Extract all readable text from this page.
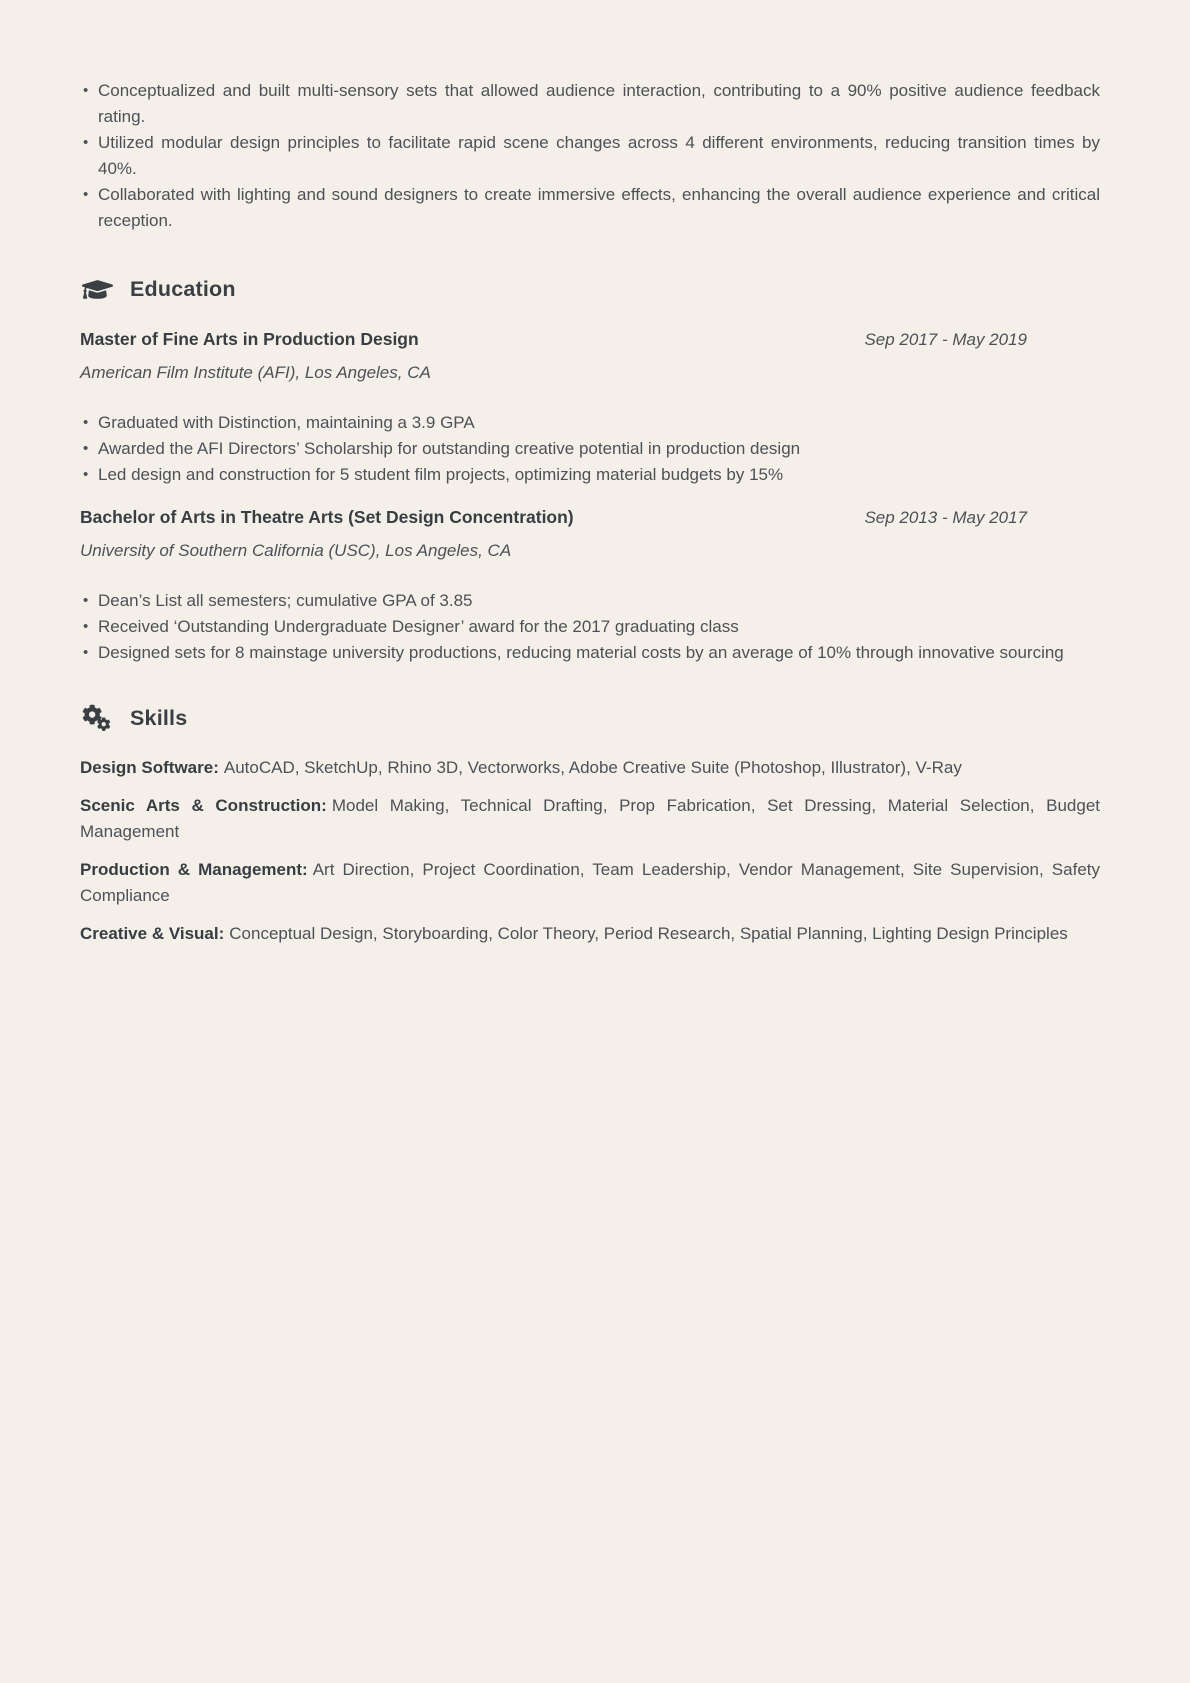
• Conceptualized and built multi-sensory sets that allowed audience interaction, contributing to a 90% positive audience feedback rating.
• Utilized modular design principles to facilitate rapid scene changes across 4 different environments, reducing transition times by 40%.
• Collaborated with lighting and sound designers to create immersive effects, enhancing the overall audience experience and critical reception.
Education
Master of Fine Arts in Production Design	Sep 2017 - May 2019

American Film Institute (AFI), Los Angeles, CA

• Graduated with Distinction, maintaining a 3.9 GPA
• Awarded the AFI Directors’ Scholarship for outstanding creative potential in production design
• Led design and construction for 5 student film projects, optimizing material budgets by 15%
Bachelor of Arts in Theatre Arts (Set Design Concentration)	Sep 2013 - May 2017

University of Southern California (USC), Los Angeles, CA

• Dean’s List all semesters; cumulative GPA of 3.85
• Received ‘Outstanding Undergraduate Designer’ award for the 2017 graduating class
• Designed sets for 8 mainstage university productions, reducing material costs by an average of 10% through innovative sourcing
Skills

Design Software: AutoCAD, SketchUp, Rhino 3D, Vectorworks, Adobe Creative Suite (Photoshop, Illustrator), V-Ray

Scenic Arts & Construction: Model Making, Technical Drafting, Prop Fabrication, Set Dressing, Material Selection, Budget Management

Production & Management: Art Direction, Project Coordination, Team Leadership, Vendor Management, Site Supervision, Safety Compliance

Creative & Visual: Conceptual Design, Storyboarding, Color Theory, Period Research, Spatial Planning, Lighting Design Principles
